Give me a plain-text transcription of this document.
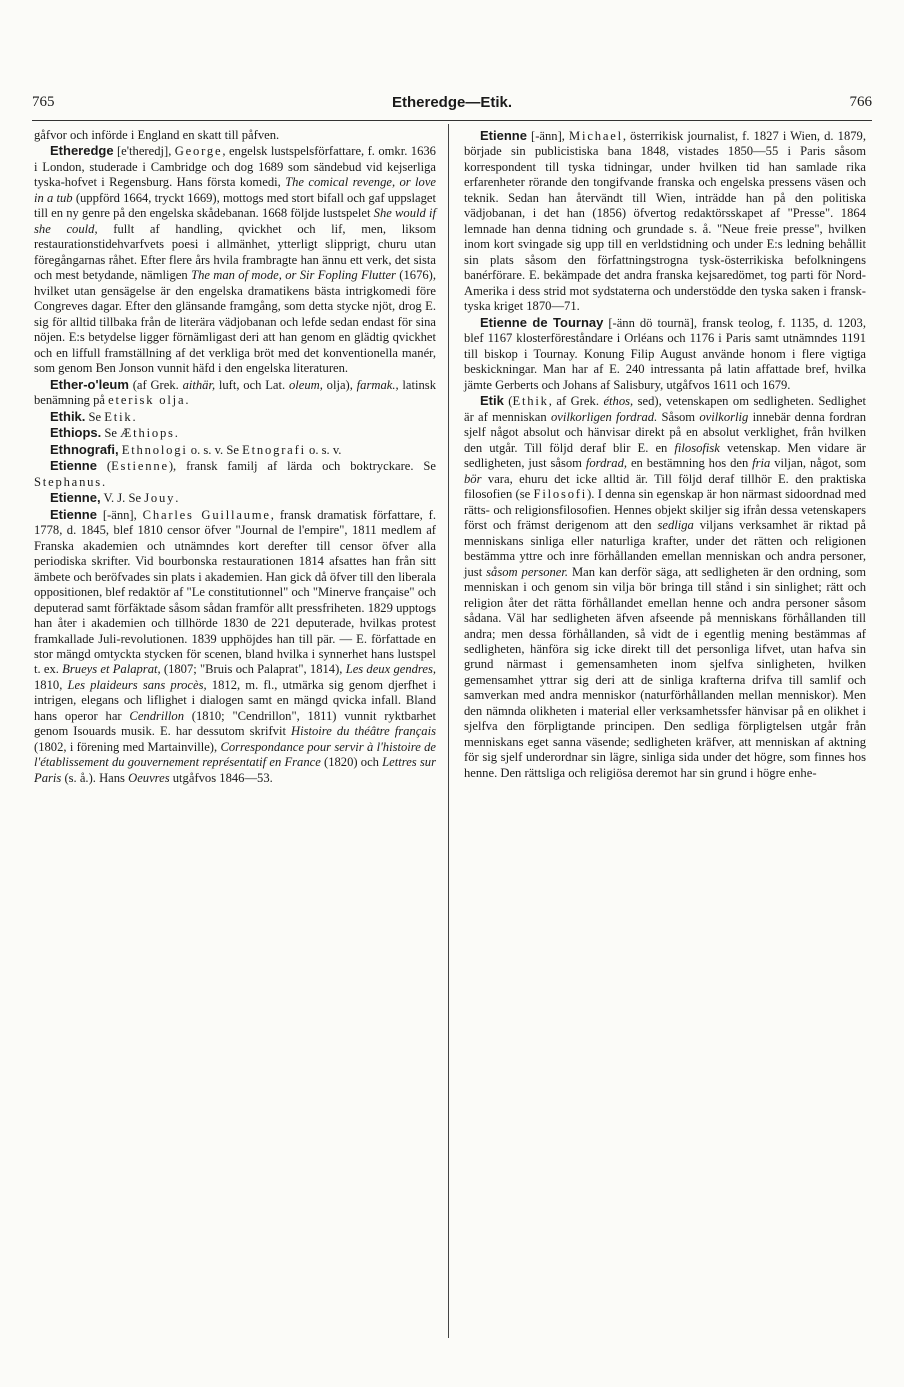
765	Etheredge—Etik.	766

gåfvor och införde i England en skatt till påfven.

Etheredge [e'theredj], George, engelsk lustspelsförfattare, f. omkr. 1636 i London, studerade i Cambridge och dog 1689 som sändebud vid kejserliga tyska-hofvet i Regensburg. Hans första komedi, The comical revenge, or love in a tub (uppförd 1664, tryckt 1669), mottogs med stort bifall och gaf uppslaget till en ny genre på den engelska skådebanan. 1668 följde lustspelet She would if she could, fullt af handling, qvickhet och lif, men, liksom restaurationstidehvarfvets poesi i allmänhet, ytterligt slipprigt, churu utan föregångarnas råhet. Efter flere års hvila frambragte han ännu ett verk, det sista och mest betydande, nämligen The man of mode, or Sir Fopling Flutter (1676), hvilket utan gensägelse är den engelska dramatikens bästa intrigkomedi före Congreves dagar. Efter den glänsande framgång, som detta stycke njöt, drog E. sig för alltid tillbaka från de literära vädjobanan och lefde sedan endast för sina nöjen. E:s betydelse ligger förnämligast deri att han genom en glädtig qvickhet och en liffull framställning af det verkliga bröt med det konventionella manér, som genom Ben Jonson vunnit häfd i den engelska literaturen.

Ether-o'leum (af Grek. aithär, luft, och Lat. oleum, olja), farmak., latinsk benämning på eterisk olja.

Ethik. Se Etik.

Ethiops. Se Æthiops.

Ethnografi, Ethnologi o. s. v. Se Etnografi o. s. v.

Etienne (Estienne), fransk familj af lärda och boktryckare. Se Stephanus.

Etienne, V. J. Se Jouy.

Etienne [-änn], Charles Guillaume, fransk dramatisk författare, f. 1778, d. 1845, blef 1810 censor öfver "Journal de l'empire", 1811 medlem af Franska akademien och utnämndes kort derefter till censor öfver alla periodiska skrifter. Vid bourbonska restaurationen 1814 afsattes han från sitt ämbete och beröfvades sin plats i akademien. Han gick då öfver till den liberala oppositionen, blef redaktör af "Le constitutionnel" och "Minerve française" och deputerad samt förfäktade såsom sådan framför allt pressfriheten. 1829 upptogs han åter i akademien och tillhörde 1830 de 221 deputerade, hvilkas protest framkallade Juli-revolutionen. 1839 upphöjdes han till pär. — E. författade en stor mängd omtyckta stycken för scenen, bland hvilka i synnerhet hans lustspel t. ex. Brueys et Palaprat, (1807; "Bruis och Palaprat", 1814), Les deux gendres, 1810, Les plaideurs sans procès, 1812, m. fl., utmärka sig genom djerfhet i intrigen, elegans och liflighet i dialogen samt en mängd qvicka infall. Bland hans operor har Cendrillon (1810; "Cendrillon", 1811) vunnit ryktbarhet genom Isouards musik. E. har dessutom skrifvit Histoire du théâtre français (1802, i förening med Martainville), Correspondance pour servir à l'histoire de l'établissement du gouvernement représentatif en France (1820) och Lettres sur Paris (s. å.). Hans Oeuvres utgåfvos 1846—53.

Etienne [-änn], Michael, österrikisk journalist, f. 1827 i Wien, d. 1879, började sin publicistiska bana 1848, vistades 1850—55 i Paris såsom korrespondent till tyska tidningar, under hvilken tid han samlade rika erfarenheter rörande den tongifvande franska och engelska pressens väsen och teknik. Sedan han återvändt till Wien, inträdde han på den politiska vädjobanan, i det han (1856) öfvertog redaktörsskapet af "Presse". 1864 lemnade han denna tidning och grundade s. å. "Neue freie presse", hvilken inom kort svingade sig upp till en verldstidning och under E:s ledning behållit sin plats såsom den författningstrogna tysk-österrikiska befolkningens banérförare. E. bekämpade det andra franska kejsaredömet, tog parti för Nord-Amerika i dess strid mot sydstaterna och understödde den tyska saken i fransk-tyska kriget 1870—71.

Etienne de Tournay [-änn dö tournä], fransk teolog, f. 1135, d. 1203, blef 1167 klosterföreståndare i Orléans och 1176 i Paris samt utnämndes 1191 till biskop i Tournay. Konung Filip August använde honom i flere vigtiga beskickningar. Man har af E. 240 intressanta på latin affattade bref, hvilka jämte Gerberts och Johans af Salisbury, utgåfvos 1611 och 1679.

Etik (Ethik, af Grek. éthos, sed), vetenskapen om sedligheten. Sedlighet är af menniskan ovilkorligen fordrad. Såsom ovilkorlig innebär denna fordran sjelf något absolut och hänvisar direkt på en absolut verklighet, från hvilken den utgår. Till följd deraf blir E. en filosofisk vetenskap. Men vidare är sedligheten, just såsom fordrad, en bestämning hos den fria viljan, något, som bör vara, ehuru det icke alltid är. Till följd deraf tillhör E. den praktiska filosofien (se Filosofi). I denna sin egenskap är hon närmast sidoordnad med rätts- och religionsfilosofien. Hennes objekt skiljer sig ifrån dessa vetenskapers först och främst derigenom att den sedliga viljans verksamhet är riktad på menniskans sinliga eller naturliga krafter, under det rätten och religionen bestämma yttre och inre förhållanden emellan menniskan och andra personer, just såsom personer. Man kan derför säga, att sedligheten är den ordning, som menniskan i och genom sin vilja bör bringa till stånd i sin sinlighet; rätt och religion åter det rätta förhållandet emellan henne och andra personer såsom sådana. Väl har sedligheten äfven afseende på menniskans förhållanden till andra; men dessa förhållanden, så vidt de i egentlig mening bestämmas af sedligheten, hänföra sig icke direkt till det personliga lifvet, utan hafva sin grund närmast i gemensamheten inom sjelfva sinligheten, hvilken gemensamhet yttrar sig deri att de sinliga krafterna drifva till samlif och samverkan med andra menniskor (naturförhållanden mellan menniskor). Men den nämnda olikheten i material eller verksamhetssfer hänvisar på en olikhet i sjelfva den förpligtande principen. Den sedliga förpligtelsen utgår från menniskans eget sanna väsende; sedligheten kräfver, att menniskan af aktning för sig sjelf underordnar sin lägre, sinliga sida under det högre, som finnes hos henne. Den rättsliga och religiösa deremot har sin grund i högre enhe-
